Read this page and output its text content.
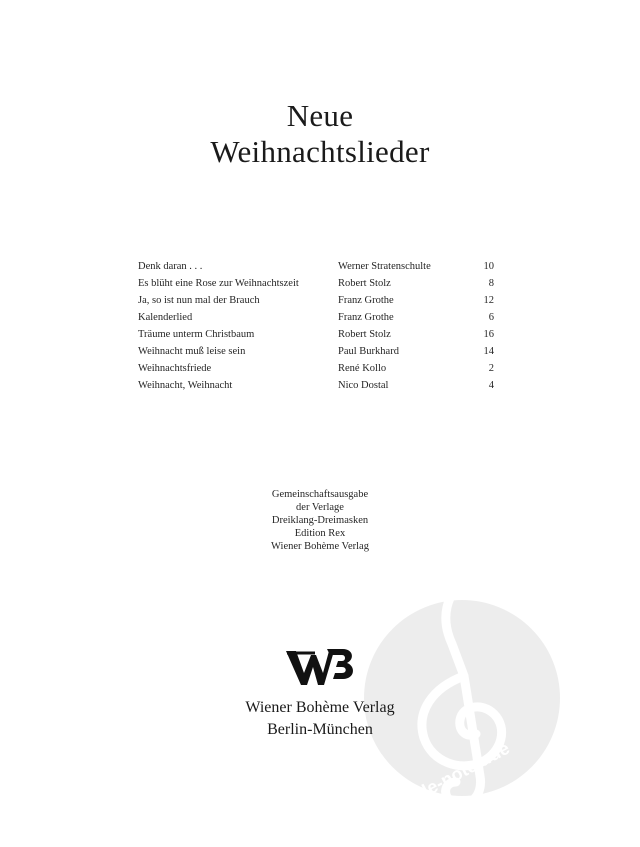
alle-noten.de
Neue
Weihnachtslieder
Denk daran . . .	Werner Stratenschulte	10
Es blüht eine Rose zur Weihnachtszeit	Robert Stolz	8
Ja, so ist nun mal der Brauch	Franz Grothe	12
Kalenderlied	Franz Grothe	6
Träume unterm Christbaum	Robert Stolz	16
Weihnacht muß leise sein	Paul Burkhard	14
Weihnachtsfriede	René Kollo	2
Weihnacht, Weihnacht	Nico Dostal	4
Gemeinschaftsausgabe
der Verlage
Dreiklang-Dreimasken
Edition Rex
Wiener Bohème Verlag
Wiener Bohème Verlag
Berlin-München
